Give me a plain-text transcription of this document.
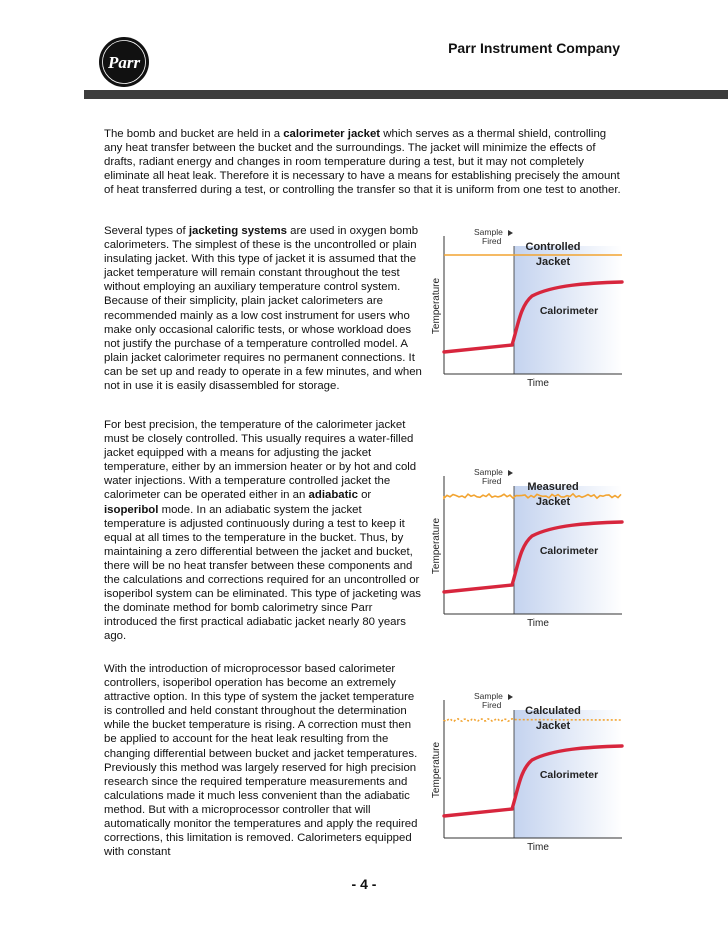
Parr
Parr Instrument Company

The bomb and bucket are held in a calorimeter jacket which serves as a thermal shield, controlling any heat transfer between the bucket and the surroundings. The jacket will minimize the effects of drafts, radiant energy and changes in room temperature during a test, but it may not completely eliminate all heat leak. Therefore it is necessary to have a means for establishing precisely the amount of heat transferred during a test, or controlling the transfer so that it is uniform from one test to another.

Several types of jacketing systems are used in oxygen bomb calorimeters. The simplest of these is the uncontrolled or plain insulating jacket. With this type of jacket it is assumed that the jacket temperature will remain constant throughout the test without employing an auxiliary temperature control system. Because of their simplicity, plain jacket calorimeters are recommended mainly as a low cost instrument for users who make only occasional calorific tests, or whose workload does not justify the purchase of a temperature controlled model. A plain jacket calorimeter requires no permanent connections. It can be set up and ready to operate in a few minutes, and when not in use it is easily disassembled for storage.

For best precision, the temperature of the calorimeter jacket must be closely controlled. This usually requires a water-filled jacket equipped with a means for adjusting the jacket temperature, either by an immersion heater or by hot and cold water injections. With a temperature controlled jacket the calorimeter can be operated either in an adiabatic or isoperibol mode. In an adiabatic system the jacket temperature is adjusted continuously during a test to keep it equal at all times to the temperature in the bucket. Thus, by maintaining a zero differential between the jacket and bucket, there will be no heat transfer between these components and the calculations and corrections required for an uncontrolled or isoperibol system can be eliminated. This type of jacketing was the dominate method for bomb calorimetry since Parr introduced the first practical adiabatic jacket nearly 80 years ago.

With the introduction of microprocessor based calorimeter controllers, isoperibol operation has become an extremely attractive option. In this type of system the jacket temperature is controlled and held constant throughout the determination while the bucket temperature is rising. A correction must then be applied to account for the heat leak resulting from the changing differential between bucket and jacket temperatures. Previously this method was largely reserved for high precision research since the required temperature measurements and calculations made it much less convenient than the adiabatic method. But with a microprocessor controller that will automatically monitor the temperatures and apply the required corrections, this limitation is removed. Calorimeters equipped with constant

Sample
Fired Controlled
Jacket
Calorimeter
Temperature
Time
Sample
Fired Measured
Jacket
Calorimeter
Temperature
Time
Sample
Fired Calculated
Jacket
Calorimeter
Temperature
Time
- 4 -
